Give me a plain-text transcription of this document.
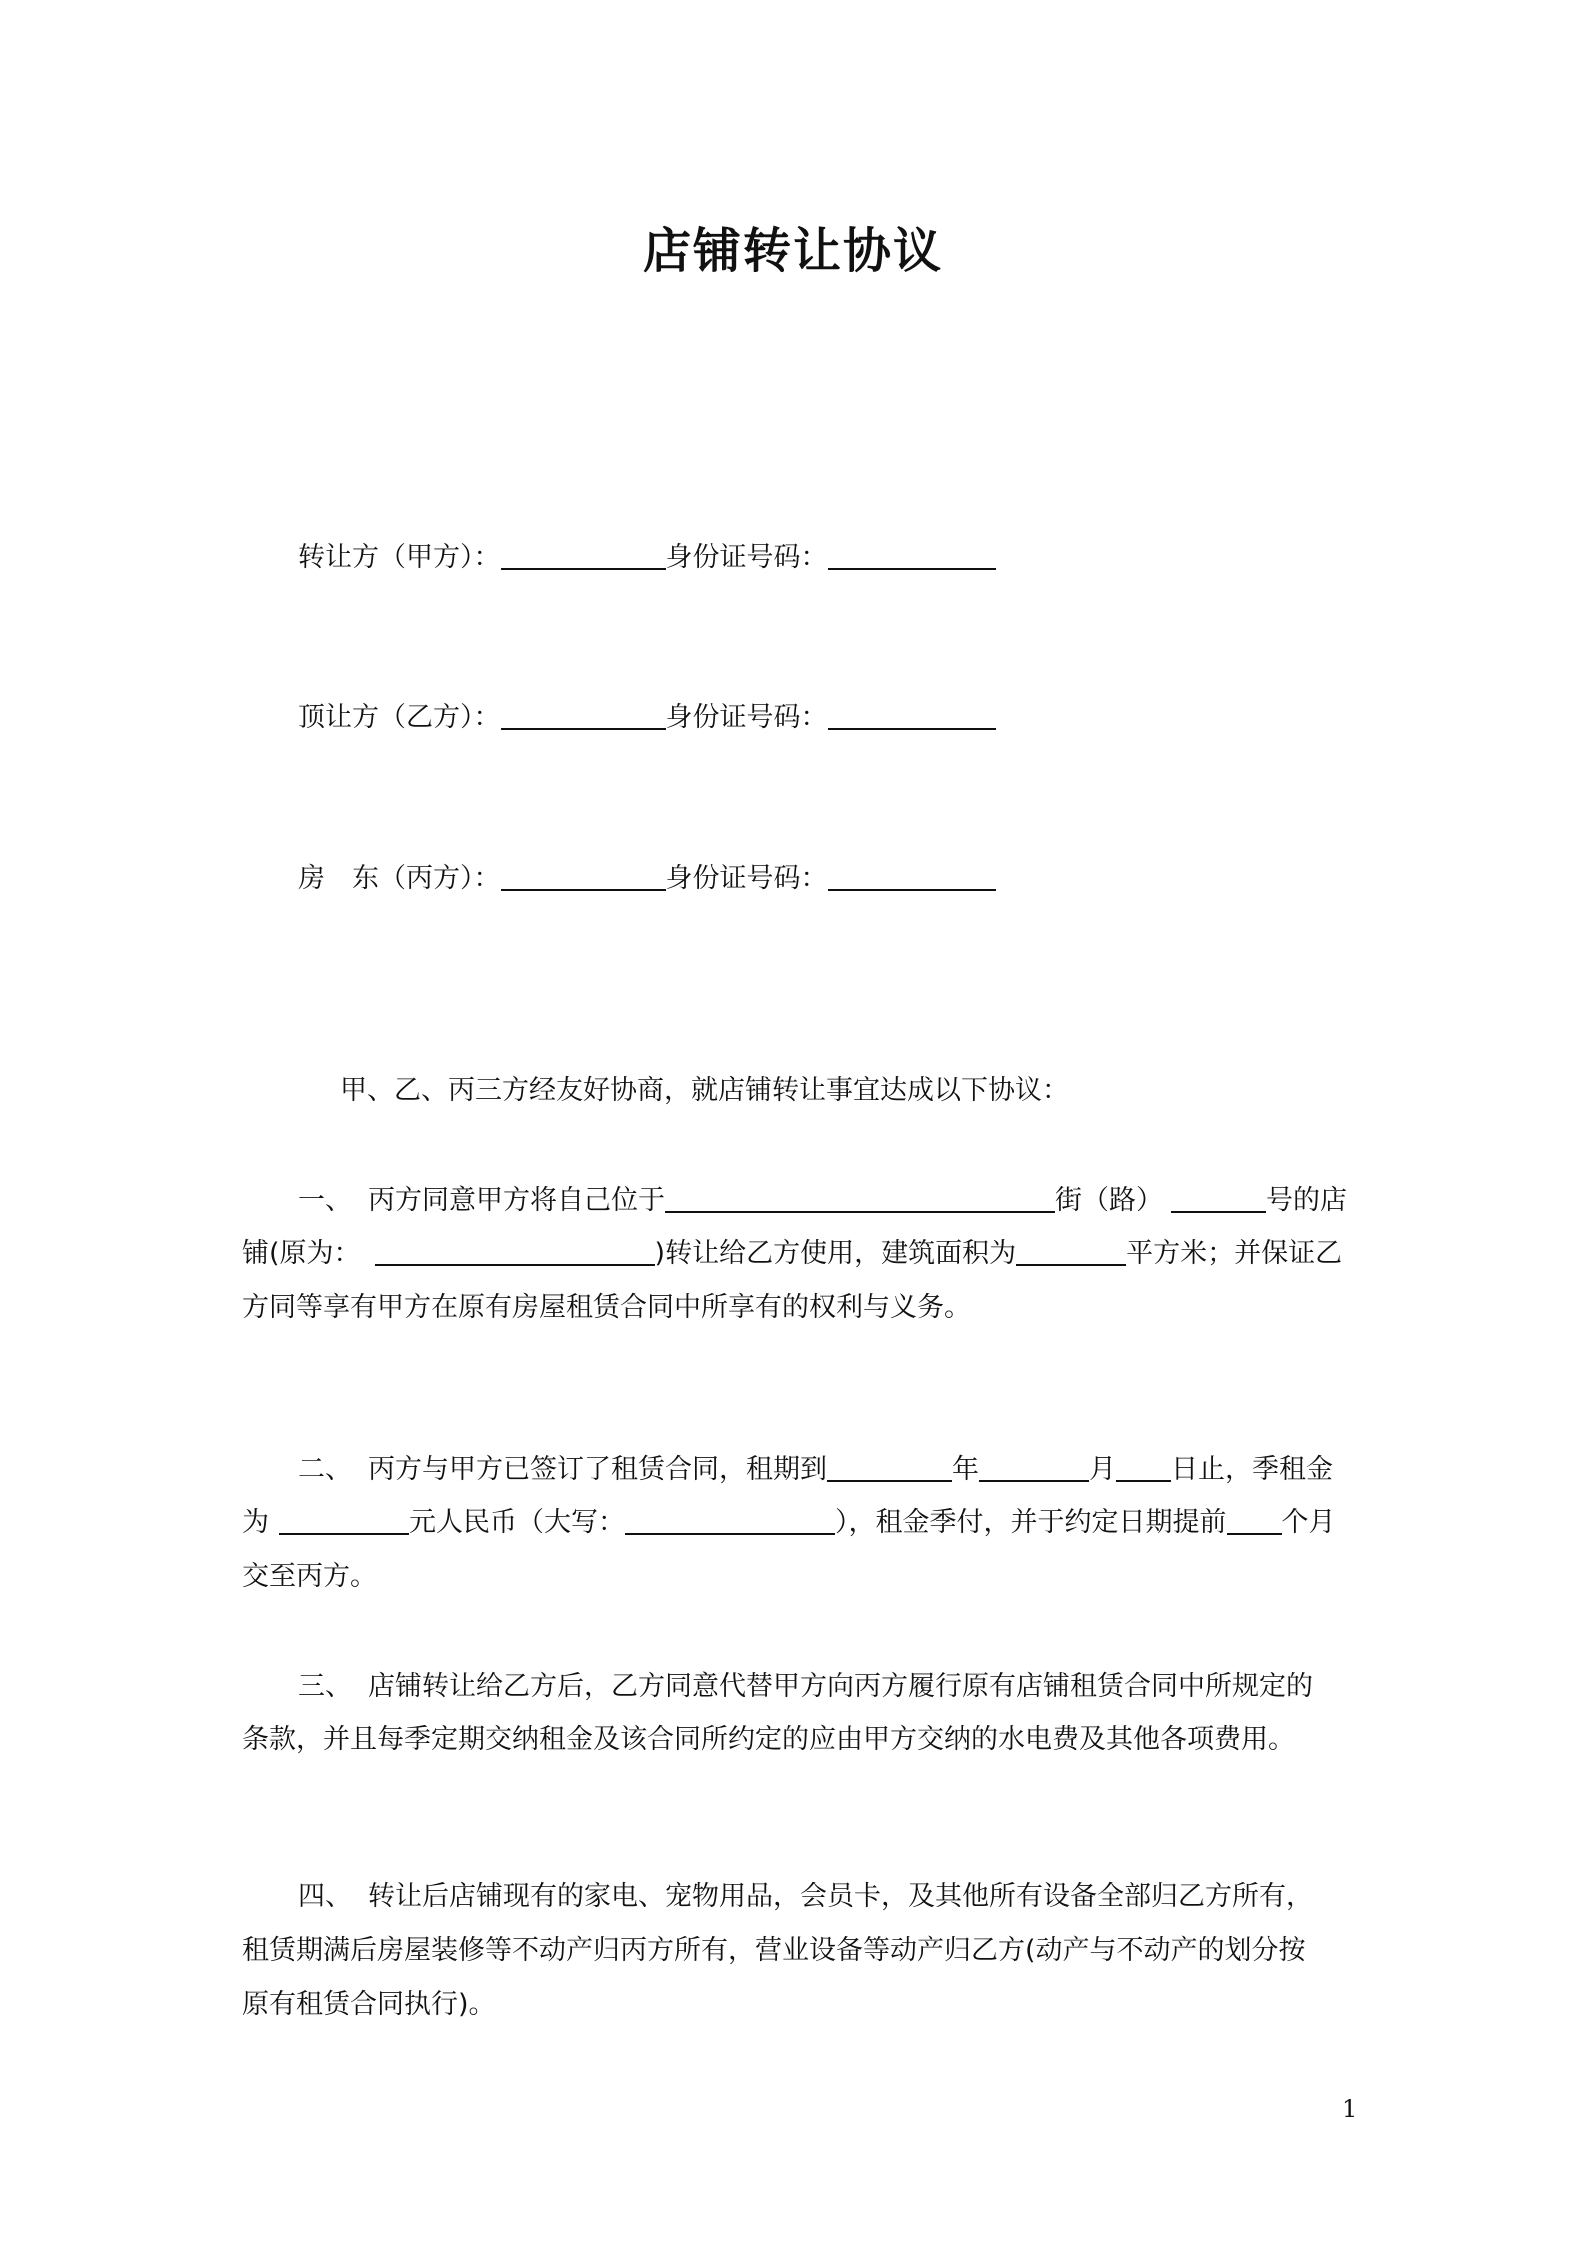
店铺转让协议
转让方（甲方）：	身份证号码：
顶让方（乙方）：	身份证号码：
房　东（丙方）：	身份证号码：
甲、乙、丙三方经友好协商，就店铺转让事宜达成以下协议：
一、 丙方同意甲方将自己位于	街（路）	号的店
铺(原为：	)转让给乙方使用，建筑面积为	平方米；并保证乙
方同等享有甲方在原有房屋租赁合同中所享有的权利与义务。
二、 丙方与甲方已签订了租赁合同，租期到	年	月 日止，季租金
为	元人民币（大写：	），租金季付，并于约定日期提前 个月
交至丙方。
三、 店铺转让给乙方后，乙方同意代替甲方向丙方履行原有店铺租赁合同中所规定的
条款，并且每季定期交纳租金及该合同所约定的应由甲方交纳的水电费及其他各项费用。
四、 转让后店铺现有的家电、宠物用品，会员卡，及其他所有设备全部归乙方所有，
租赁期满后房屋装修等不动产归丙方所有，营业设备等动产归乙方(动产与不动产的划分按
原有租赁合同执行)。
1
